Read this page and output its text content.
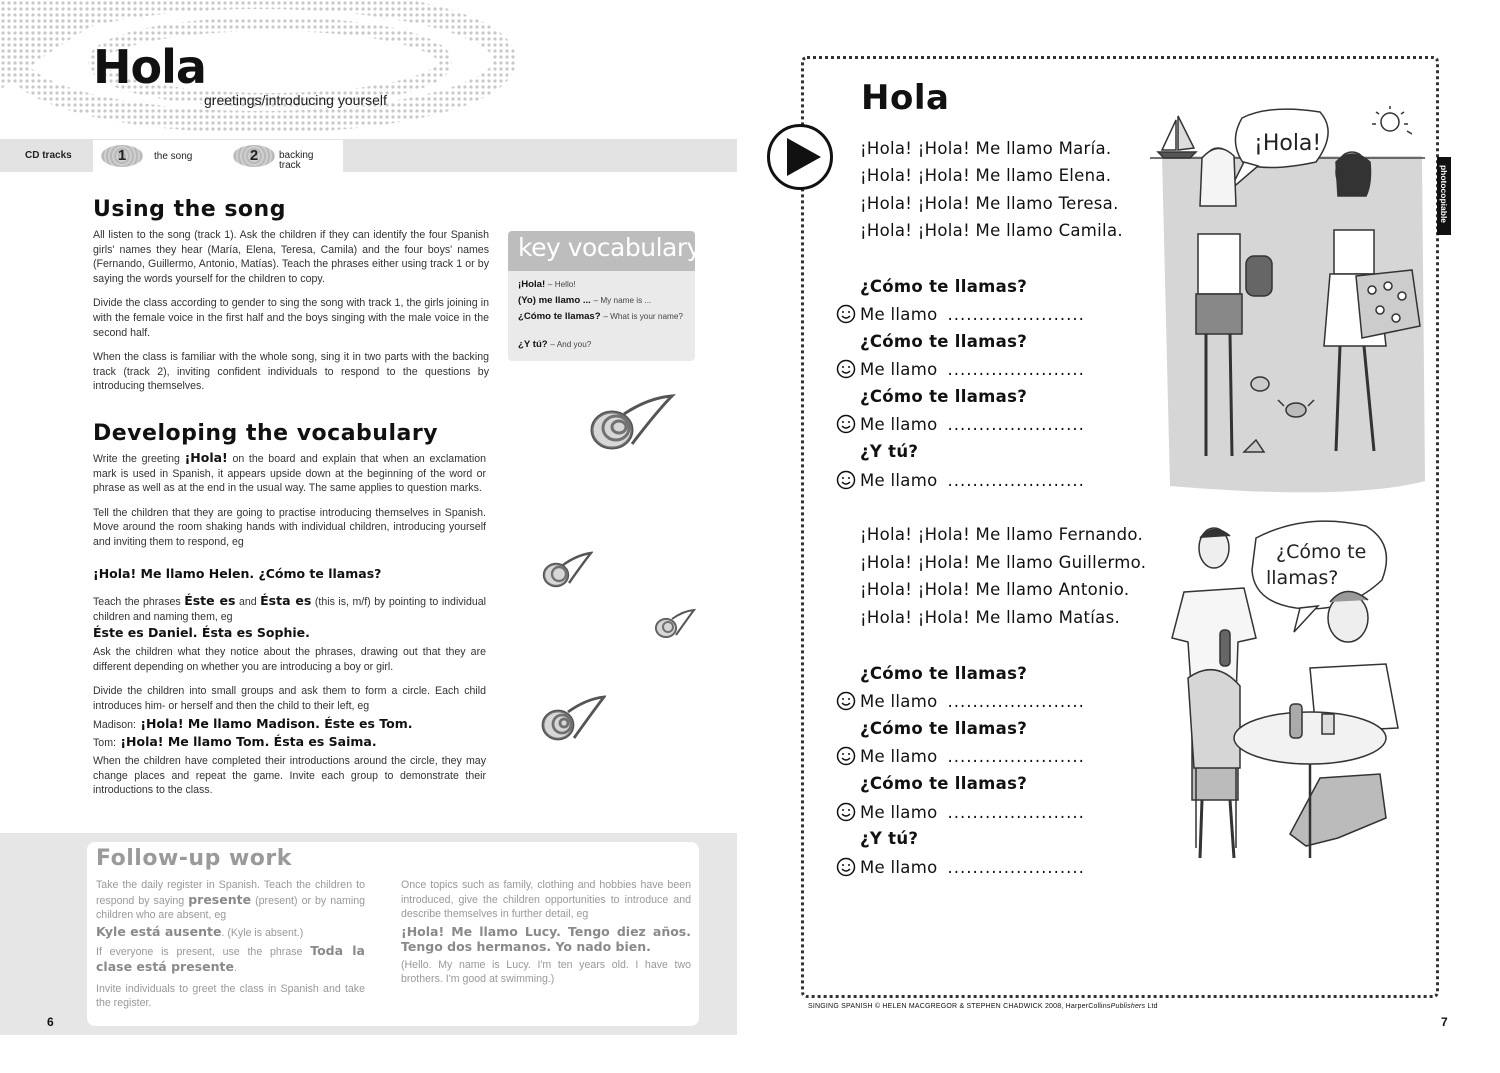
Hola
greetings/introducing yourself
CD tracks	1	the song	2	backing
track
Using the song

All listen to the song (track 1). Ask the children if they can identify the four Spanish girls' names they hear (María, Elena, Teresa, Camila) and the four boys' names (Fernando, Guillermo, Antonio, Matías). Teach the phrases either using track 1 or by saying the words yourself for the children to copy.

Divide the class according to gender to sing the song with track 1, the girls joining in with the female voice in the first half and the boys singing with the male voice in the second half.

When the class is familiar with the whole song, sing it in two parts with the backing track (track 2), inviting confident individuals to respond to the questions by introducing themselves.

key vocabulary
¡Hola! – Hello!
(Yo) me llamo ... – My name is ...
¿Cómo te llamas? – What is your name?
¿Y tú? – And you?
Developing the vocabulary

Write the greeting ¡Hola! on the board and explain that when an exclamation mark is used in Spanish, it appears upside down at the beginning of the word or phrase as well as at the end in the usual way. The same applies to question marks.

Tell the children that they are going to practise introducing themselves in Spanish. Move around the room shaking hands with individual children, introducing yourself and inviting them to respond, eg

¡Hola! Me llamo Helen. ¿Cómo te llamas?

Teach the phrases Éste es and Ésta es (this is, m/f) by pointing to individual children and naming them, eg

Éste es Daniel. Ésta es Sophie.

Ask the children what they notice about the phrases, drawing out that they are different depending on whether you are introducing a boy or girl.

Divide the children into small groups and ask them to form a circle. Each child introduces him- or herself and then the child to their left, eg

Madison: ¡Hola! Me llamo Madison. Éste es Tom.
Tom: ¡Hola! Me llamo Tom. Ésta es Saima.

When the children have completed their introductions around the circle, they may change places and repeat the game. Invite each group to demonstrate their introductions to the class.

Follow-up work

Take the daily register in Spanish. Teach the children to respond by saying presente (present) or by naming children who are absent, eg

Kyle está ausente. (Kyle is absent.)

If everyone is present, use the phrase Toda la clase está presente.

Invite individuals to greet the class in Spanish and take the register.

Once topics such as family, clothing and hobbies have been introduced, give the children opportunities to introduce and describe themselves in further detail, eg

¡Hola! Me llamo Lucy. Tengo diez años. Tengo dos hermanos. Yo nado bien.

(Hello. My name is Lucy. I'm ten years old. I have two brothers. I'm good at swimming.)

6
photocopiable
Hola
¡Hola! ¡Hola! Me llamo María.
¡Hola! ¡Hola! Me llamo Elena.
¡Hola! ¡Hola! Me llamo Teresa.
¡Hola! ¡Hola! Me llamo Camila.
¿Cómo te llamas?
Me llamo ......................
¿Cómo te llamas?
Me llamo ......................
¿Cómo te llamas?
Me llamo ......................
¿Y tú?
Me llamo ......................
¡Hola! ¡Hola! Me llamo Fernando.
¡Hola! ¡Hola! Me llamo Guillermo.
¡Hola! ¡Hola! Me llamo Antonio.
¡Hola! ¡Hola! Me llamo Matías.
¿Cómo te llamas?
Me llamo ......................
¿Cómo te llamas?
Me llamo ......................
¿Cómo te llamas?
Me llamo ......................
¿Y tú?
Me llamo ......................
¡Hola!
¿Cómo te
llamas?
SINGING SPANISH © HELEN MACGREGOR & STEPHEN CHADWICK 2008, HarperCollinsPublishers Ltd
7
